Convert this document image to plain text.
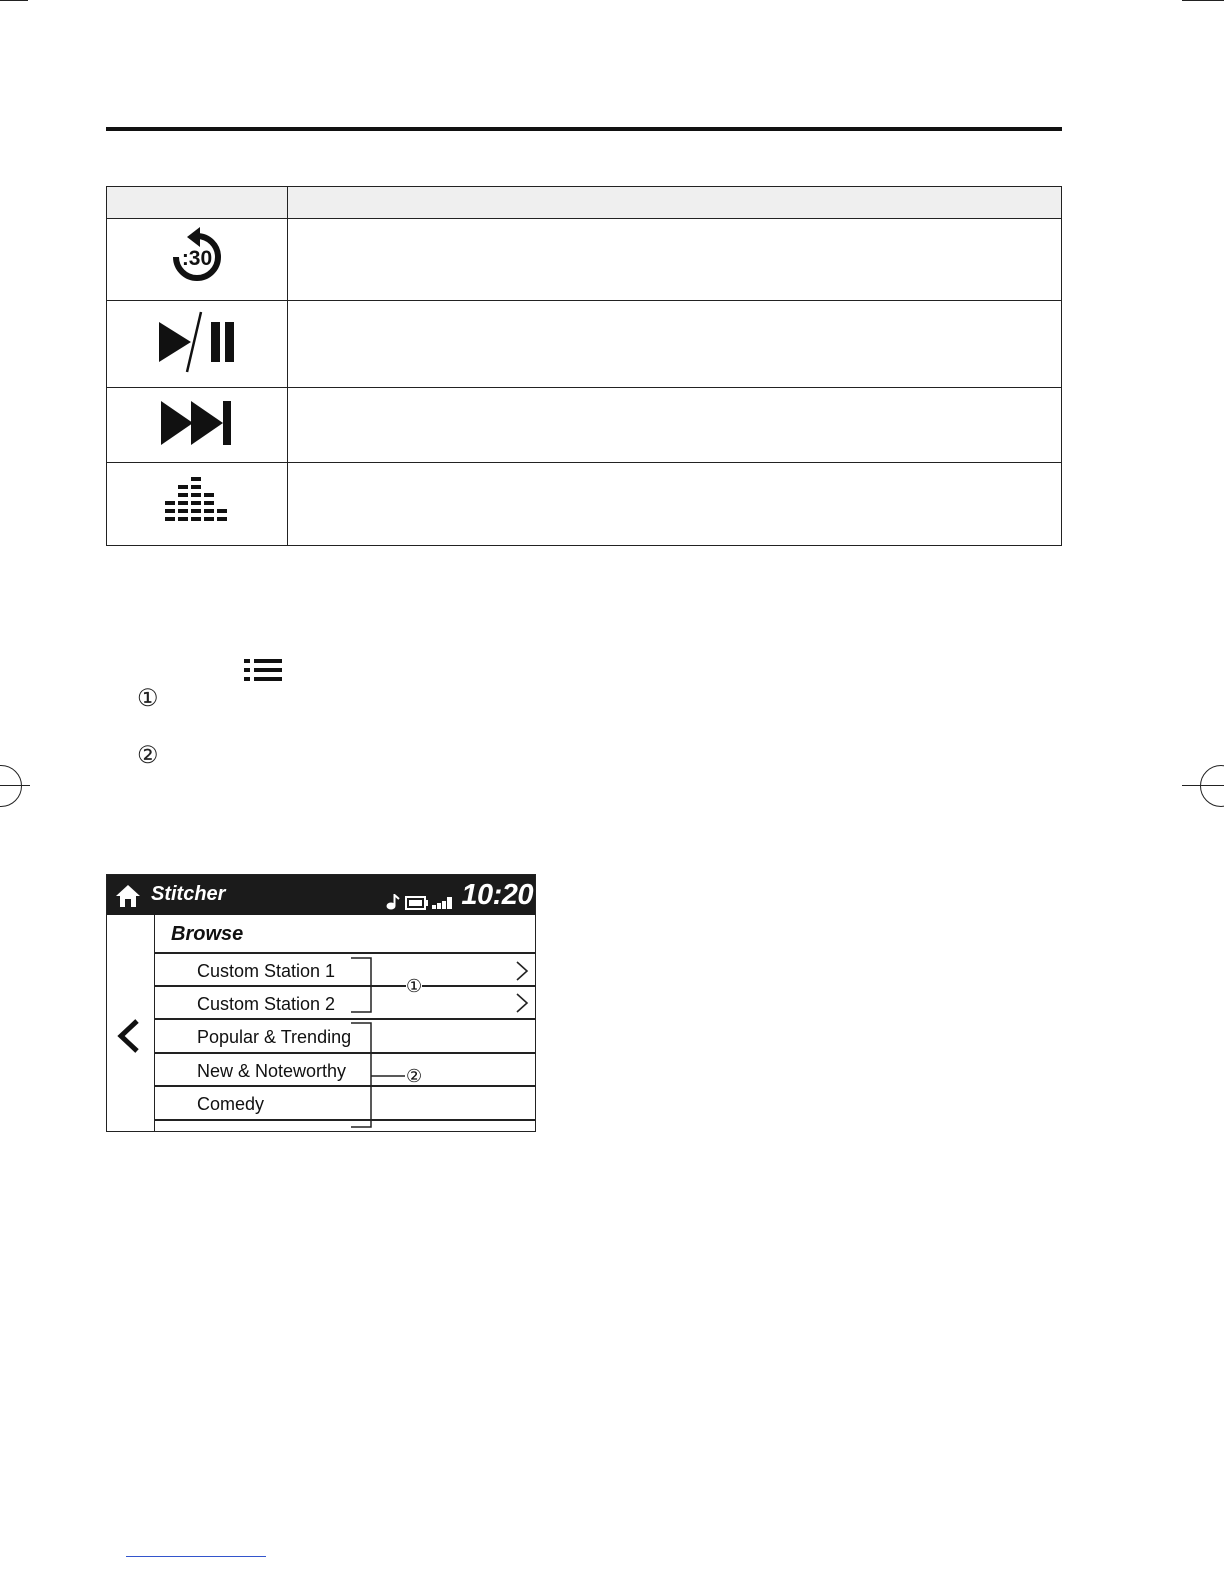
:30	

①
②
Stitcher	10:20
Browse
Custom Station 1
Custom Station 2
Popular & Trending
New & Noteworthy
Comedy
①
②
